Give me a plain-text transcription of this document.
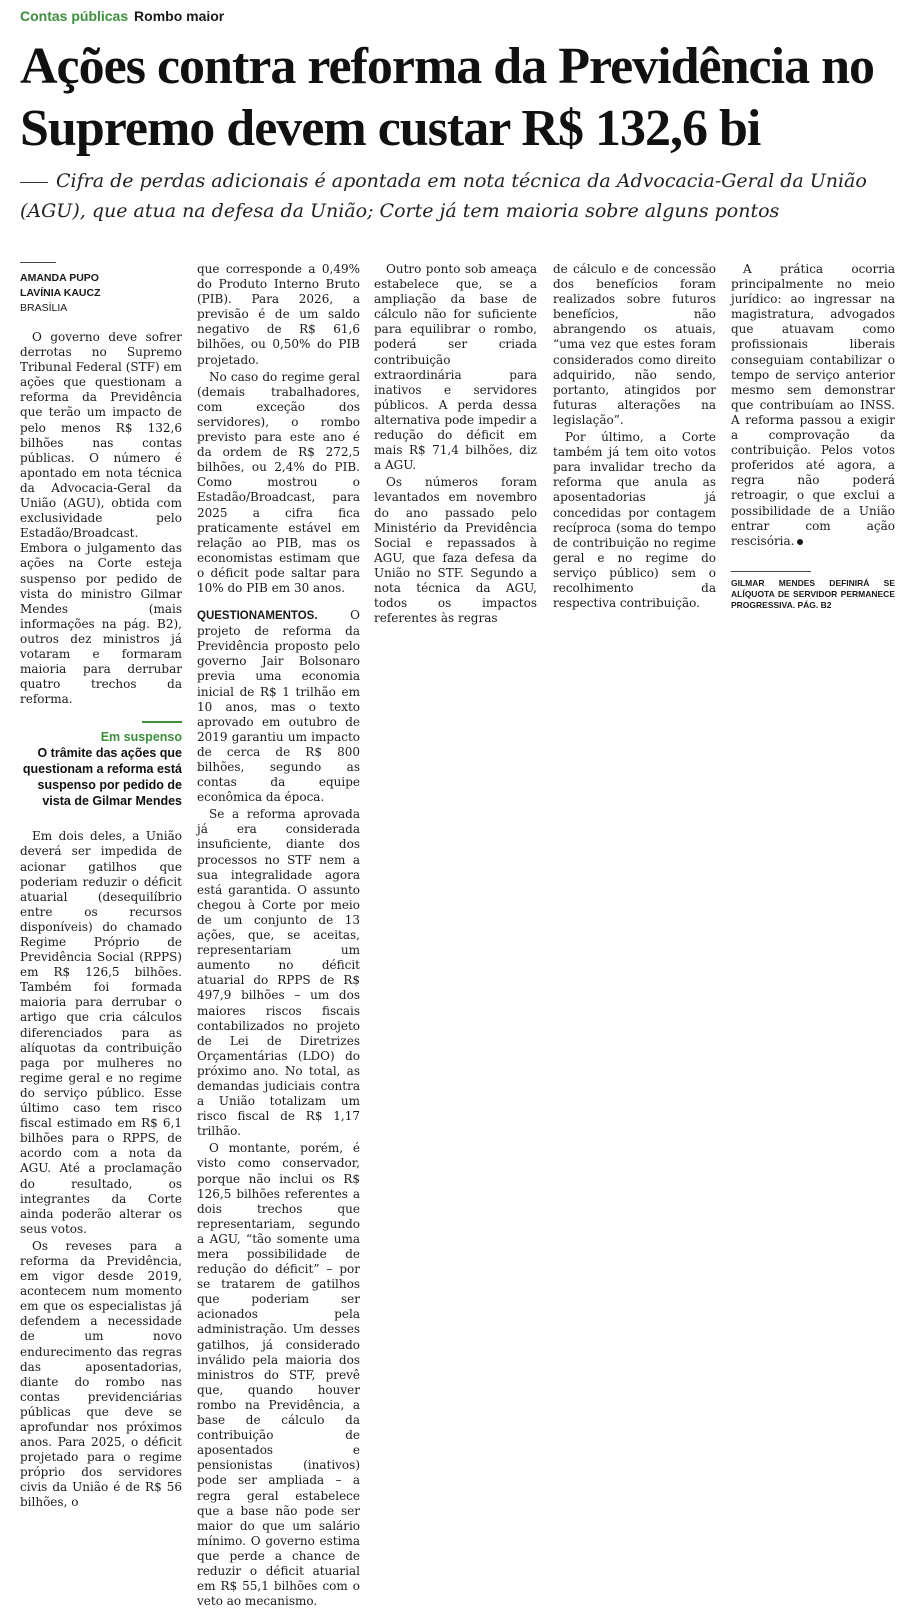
Contas públicas Rombo maior
Ações contra reforma da Previdência no Supremo devem custar R$ 132,6 bi

Cifra de perdas adicionais é apontada em nota técnica da Advocacia-Geral da União (AGU), que atua na defesa da União; Corte já tem maioria sobre alguns pontos

AMANDA PUPO
LAVÍNIA KAUCZ
BRASÍLIA

O governo deve sofrer derrotas no Supremo Tribunal Federal (STF) em ações que questionam a reforma da Previdência que terão um impacto de pelo menos R$ 132,6 bilhões nas contas públicas. O número é apontado em nota técnica da Advocacia-Geral da União (AGU), obtida com exclusividade pelo Estadão/Broadcast. Embora o julgamento das ações na Corte esteja suspenso por pedido de vista do ministro Gilmar Mendes (mais informações na pág. B2), outros dez ministros já votaram e formaram maioria para derrubar quatro trechos da reforma.

Em suspenso
O trâmite das ações que questionam a reforma está suspenso por pedido de vista de Gilmar Mendes

Em dois deles, a União deverá ser impedida de acionar gatilhos que poderiam reduzir o déficit atuarial (desequilíbrio entre os recursos disponíveis) do chamado Regime Próprio de Previdência Social (RPPS) em R$ 126,5 bilhões. Também foi formada maioria para derrubar o artigo que cria cálculos diferenciados para as alíquotas da contribuição paga por mulheres no regime geral e no regime do serviço público. Esse último caso tem risco fiscal estimado em R$ 6,1 bilhões para o RPPS, de acordo com a nota da AGU. Até a proclamação do resultado, os integrantes da Corte ainda poderão alterar os seus votos.

Os reveses para a reforma da Previdência, em vigor desde 2019, acontecem num momento em que os especialistas já defendem a necessidade de um novo endurecimento das regras das aposentadorias, diante do rombo nas contas previdenciárias públicas que deve se aprofundar nos próximos anos. Para 2025, o déficit projetado para o regime próprio dos servidores civis da União é de R$ 56 bilhões, o

que corresponde a 0,49% do Produto Interno Bruto (PIB). Para 2026, a previsão é de um saldo negativo de R$ 61,6 bilhões, ou 0,50% do PIB projetado.

No caso do regime geral (demais trabalhadores, com exceção dos servidores), o rombo previsto para este ano é da ordem de R$ 272,5 bilhões, ou 2,4% do PIB. Como mostrou o Estadão/Broadcast, para 2025 a cifra fica praticamente estável em relação ao PIB, mas os economistas estimam que o déficit pode saltar para 10% do PIB em 30 anos.

QUESTIONAMENTOS.	O projeto de reforma da Previdência proposto pelo governo Jair Bolsonaro previa uma economia inicial de R$ 1 trilhão em 10 anos, mas o texto aprovado em outubro de 2019 garantiu um impacto de cerca de R$ 800 bilhões, segundo as contas da equipe econômica da época.

Se a reforma aprovada já era considerada insuficiente, diante dos processos no STF nem a sua integralidade agora está garantida. O assunto chegou à Corte por meio de um conjunto de 13 ações, que, se aceitas, representariam um aumento no déficit atuarial do RPPS de R$ 497,9 bilhões – um dos maiores riscos fiscais contabilizados no projeto de Lei de Diretrizes Orçamentárias (LDO) do próximo ano. No total, as demandas judiciais contra a União totalizam um risco fiscal de R$ 1,17 trilhão.

O montante, porém, é visto como conservador, porque não inclui os R$ 126,5 bilhões referentes a dois trechos que representariam, segundo a AGU, “tão somente uma mera possibilidade de redução do déficit” – por se tratarem de gatilhos que poderiam ser acionados pela administração. Um desses gatilhos, já considerado inválido pela maioria dos ministros do STF, prevê que, quando houver rombo na Previdência, a base de cálculo da contribuição de aposentados e pensionistas (inativos) pode ser ampliada – a regra geral estabelece que a base não pode ser maior do que um salário mínimo. O governo estima que perde a chance de reduzir o déficit atuarial em R$ 55,1 bilhões com o veto ao mecanismo.

Outro ponto sob ameaça estabelece que, se a ampliação da base de cálculo não for suficiente para equilibrar o rombo, poderá ser criada contribuição extraordinária para inativos e servidores públicos. A perda dessa alternativa pode impedir a redução do déficit em mais R$ 71,4 bilhões, diz a AGU.

Os números foram levantados em novembro do ano passado pelo Ministério da Previdência Social e repassados à AGU, que faza defesa da União no STF. Segundo a nota técnica da AGU, todos os impactos referentes às regras

de cálculo e de concessão dos benefícios foram realizados sobre futuros benefícios, não abrangendo os atuais, “uma vez que estes foram considerados como direito adquirido, não sendo, portanto, atingidos por futuras alterações na legislação”.

Por último, a Corte também já tem oito votos para invalidar trecho da reforma que anula as aposentadorias já concedidas por contagem recíproca (soma do tempo de contribuição no regime geral e no regime do serviço público) sem o recolhimento da respectiva contribuição.

A prática ocorria principalmente no meio jurídico: ao ingressar na magistratura, advogados que atuavam como profissionais liberais conseguiam contabilizar o tempo de serviço anterior mesmo sem demonstrar que contribuíam ao INSS. A reforma passou a exigir a comprovação da contribuição. Pelos votos proferidos até agora, a regra não poderá retroagir, o que exclui a possibilidade de a União entrar com ação rescisória.

GILMAR MENDES DEFINIRÁ SE ALÍQUOTA DE SERVIDOR PERMANECE PROGRESSIVA. PÁG. B2
